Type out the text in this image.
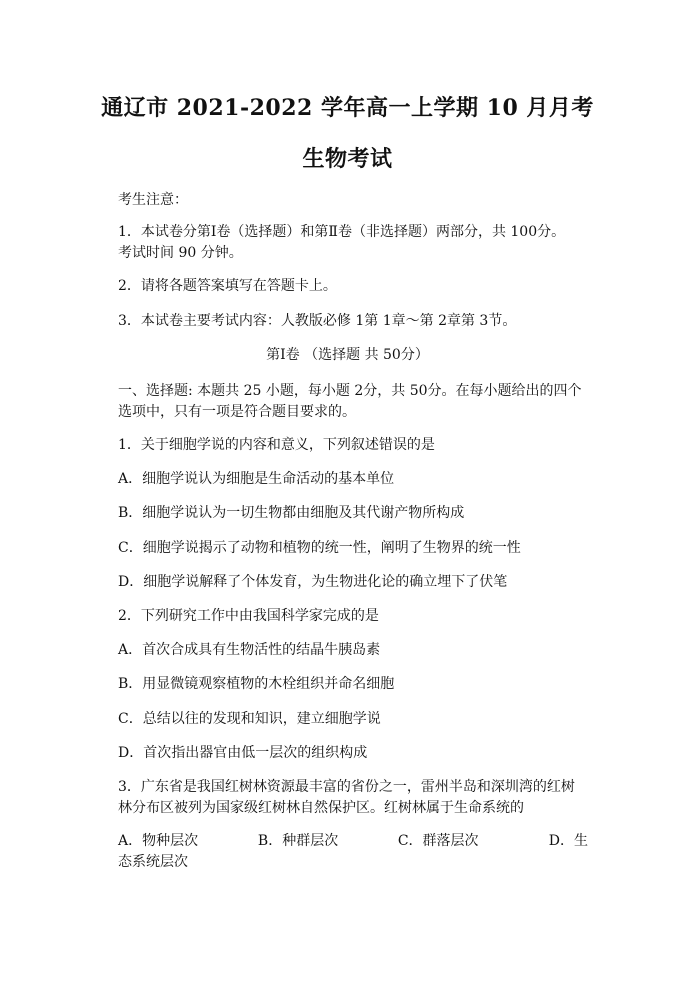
通辽市 2021-2022 学年高一上学期 10 月月考
生物考试
考生注意：
1．本试卷分第Ⅰ卷（选择题）和第Ⅱ卷（非选择题）两部分，共 100分。
考试时间 90 分钟。
2．请将各题答案填写在答题卡上。
3．本试卷主要考试内容：人教版必修 1第 1章～第 2章第 3节。
第Ⅰ卷 （选择题 共 50分）
一、选择题: 本题共 25 小题，每小题 2分，共 50分。在每小题给出的四个
选项中，只有一项是符合题目要求的。
1．关于细胞学说的内容和意义，下列叙述错误的是
A．细胞学说认为细胞是生命活动的基本单位
B．细胞学说认为一切生物都由细胞及其代谢产物所构成
C．细胞学说揭示了动物和植物的统一性，阐明了生物界的统一性
D．细胞学说解释了个体发育，为生物进化论的确立埋下了伏笔
2．下列研究工作中由我国科学家完成的是
A．首次合成具有生物活性的结晶牛胰岛素
B．用显微镜观察植物的木栓组织并命名细胞
C．总结以往的发现和知识，建立细胞学说
D．首次指出器官由低一层次的组织构成
3．广东省是我国红树林资源最丰富的省份之一，雷州半岛和深圳湾的红树
林分布区被列为国家级红树林自然保护区。红树林属于生命系统的
A．物种层次	B．种群层次	C．群落层次	D．生
态系统层次
